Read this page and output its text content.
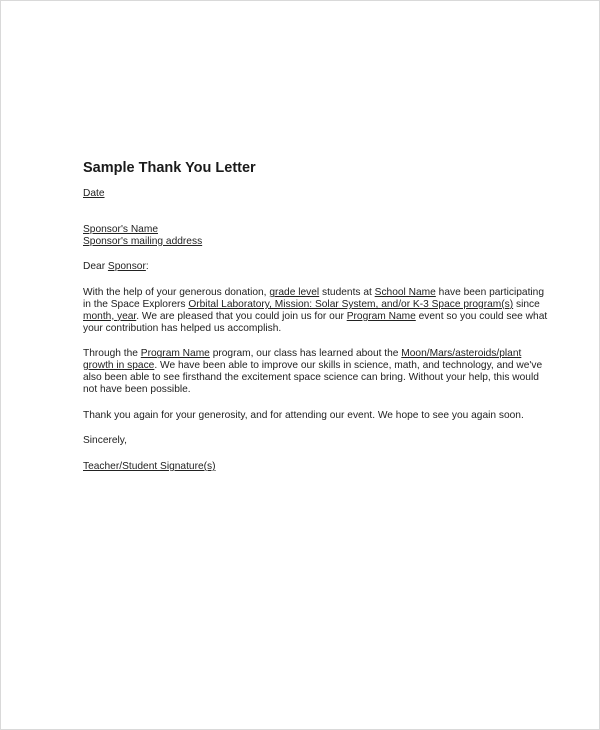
Sample Thank You Letter
Date
Sponsor's Name
Sponsor's mailing address
Dear Sponsor:
With the help of your generous donation, grade level students at School Name have been participating in the Space Explorers Orbital Laboratory, Mission: Solar System, and/or K-3 Space program(s) since month, year. We are pleased that you could join us for our Program Name event so you could see what your contribution has helped us accomplish.
Through the Program Name program, our class has learned about the Moon/Mars/asteroids/plant growth in space. We have been able to improve our skills in science, math, and technology, and we've also been able to see firsthand the excitement space science can bring. Without your help, this would not have been possible.
Thank you again for your generosity, and for attending our event. We hope to see you again soon.
Sincerely,
Teacher/Student Signature(s)
